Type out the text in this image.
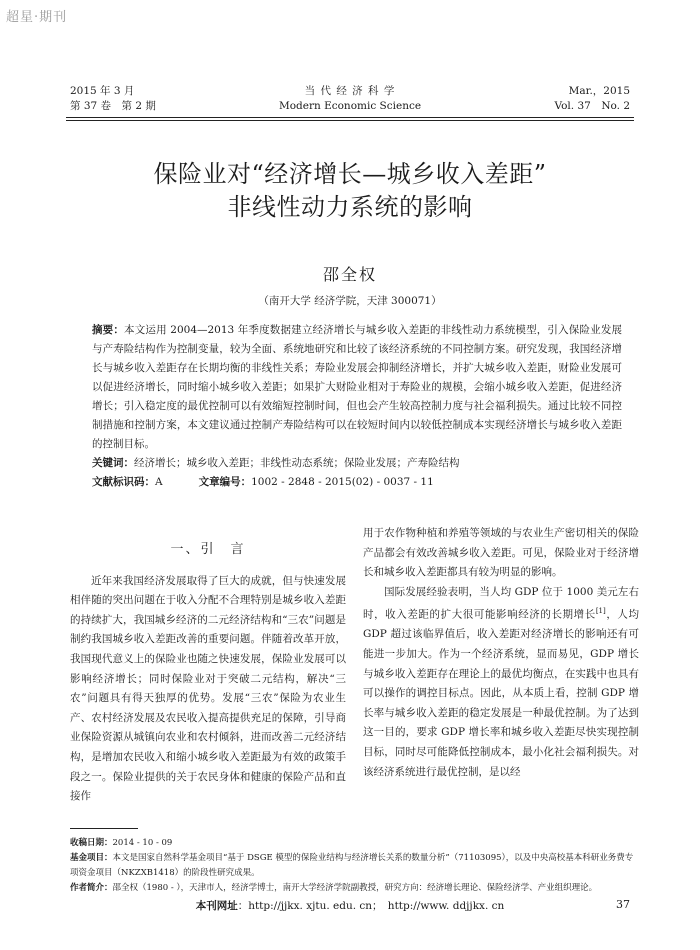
超星·期刊
2015 年 3 月
第 37 卷　第 2 期
当 代 经 济 科 学
Modern Economic Science
Mar.，2015
Vol. 37　No. 2
保险业对“经济增长—城乡收入差距”
非线性动力系统的影响
邵全权
（南开大学 经济学院，天津 300071）
摘要：本文运用 2004—2013 年季度数据建立经济增长与城乡收入差距的非线性动力系统模型，引入保险业发展与产寿险结构作为控制变量，较为全面、系统地研究和比较了该经济系统的不同控制方案。研究发现，我国经济增长与城乡收入差距存在长期均衡的非线性关系；寿险业发展会抑制经济增长，并扩大城乡收入差距，财险业发展可以促进经济增长，同时缩小城乡收入差距；如果扩大财险业相对于寿险业的规模，会缩小城乡收入差距，促进经济增长；引入稳定度的最优控制可以有效缩短控制时间，但也会产生较高控制力度与社会福利损失。通过比较不同控制措施和控制方案，本文建议通过控制产寿险结构可以在较短时间内以较低控制成本实现经济增长与城乡收入差距的控制目标。
关键词：经济增长；城乡收入差距；非线性动态系统；保险业发展；产寿险结构
文献标识码：A	文章编号：1002 - 2848 - 2015(02) - 0037 - 11
一、引　言

近年来我国经济发展取得了巨大的成就，但与快速发展相伴随的突出问题在于收入分配不合理特别是城乡收入差距的持续扩大，我国城乡经济的二元经济结构和“三农”问题是制约我国城乡收入差距改善的重要问题。伴随着改革开放，我国现代意义上的保险业也随之快速发展，保险业发展可以影响经济增长；同时保险业对于突破二元结构，解决“三农”问题具有得天独厚的优势。发展“三农”保险为农业生产、农村经济发展及农民收入提高提供充足的保障，引导商业保险资源从城镇向农业和农村倾斜，进而改善二元经济结构，是增加农民收入和缩小城乡收入差距最为有效的政策手段之一。保险业提供的关于农民身体和健康的保险产品和直接作

用于农作物种植和养殖等领域的与农业生产密切相关的保险产品都会有效改善城乡收入差距。可见，保险业对于经济增长和城乡收入差距都具有较为明显的影响。

国际发展经验表明，当人均 GDP 位于 1000 美元左右时，收入差距的扩大很可能影响经济的长期增长[1]，人均 GDP 超过该临界值后，收入差距对经济增长的影响还有可能进一步加大。作为一个经济系统，显而易见，GDP 增长与城乡收入差距存在理论上的最优均衡点，在实践中也具有可以操作的调控目标点。因此，从本质上看，控制 GDP 增长率与城乡收入差距的稳定发展是一种最优控制。为了达到这一目的，要求 GDP 增长率和城乡收入差距尽快实现控制目标，同时尽可能降低控制成本，最小化社会福利损失。对该经济系统进行最优控制，是以经

收稿日期：2014 - 10 - 09

基金项目：本文是国家自然科学基金项目“基于 DSGE 模型的保险业结构与经济增长关系的数量分析”（71103095），以及中央高校基本科研业务费专项资金项目（NKZXB1418）的阶段性研究成果。

作者简介：邵全权（1980 - ），天津市人，经济学博士，南开大学经济学院副教授，研究方向：经济增长理论、保险经济学、产业组织理论。

本刊网址：http://jjkx. xjtu. edu. cn；　http://www. ddjjkx. cn	37
